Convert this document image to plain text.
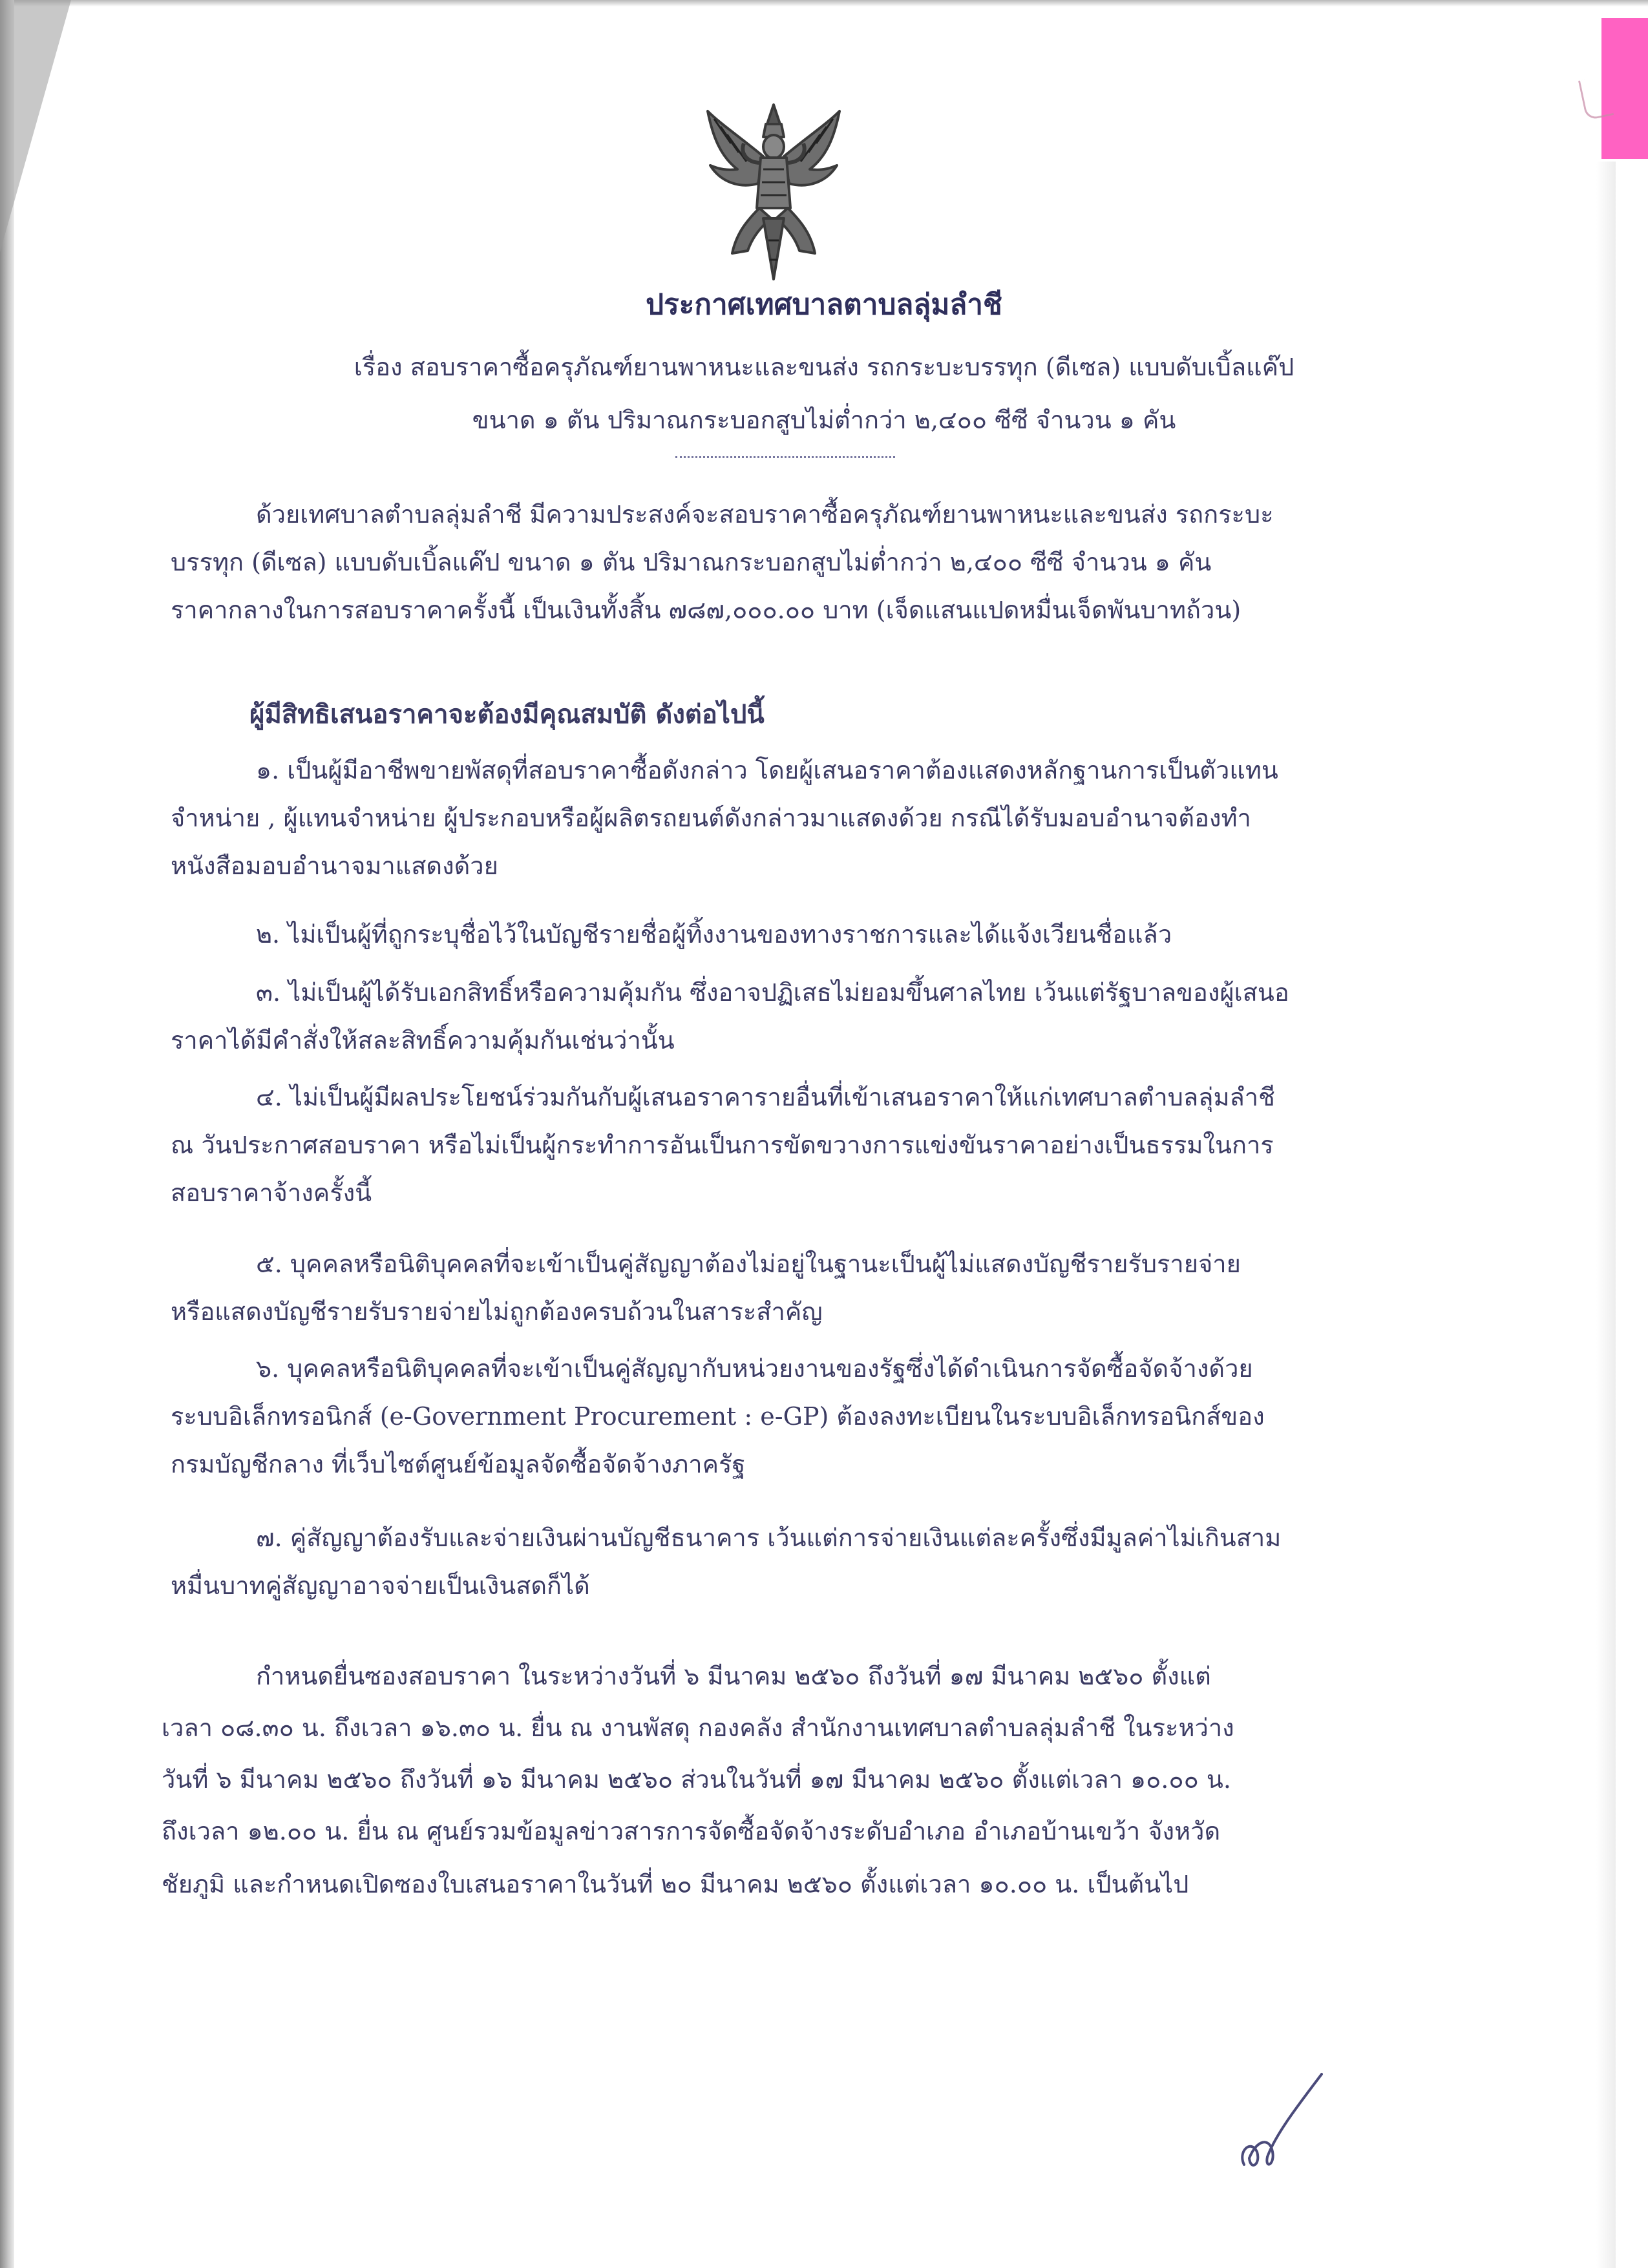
ประกาศเทศบาลตาบลลุ่มลำชี
เรื่อง สอบราคาซื้อครุภัณฑ์ยานพาหนะและขนส่ง รถกระบะบรรทุก (ดีเซล) แบบดับเบิ้ลแค๊ป
ขนาด ๑ ตัน ปริมาณกระบอกสูบไม่ต่ำกว่า ๒,๔๐๐ ซีซี จำนวน ๑ คัน
ด้วยเทศบาลตำบลลุ่มลำชี มีความประสงค์จะสอบราคาซื้อครุภัณฑ์ยานพาหนะและขนส่ง รถกระบะ
บรรทุก (ดีเซล) แบบดับเบิ้ลแค๊ป ขนาด ๑ ตัน ปริมาณกระบอกสูบไม่ต่ำกว่า ๒,๔๐๐ ซีซี จำนวน ๑ คัน
ราคากลางในการสอบราคาครั้งนี้ เป็นเงินทั้งสิ้น ๗๘๗,๐๐๐.๐๐ บาท (เจ็ดแสนแปดหมื่นเจ็ดพันบาทถ้วน)
ผู้มีสิทธิเสนอราคาจะต้องมีคุณสมบัติ ดังต่อไปนี้
๑. เป็นผู้มีอาชีพขายพัสดุที่สอบราคาซื้อดังกล่าว โดยผู้เสนอราคาต้องแสดงหลักฐานการเป็นตัวแทน
จำหน่าย , ผู้แทนจำหน่าย ผู้ประกอบหรือผู้ผลิตรถยนต์ดังกล่าวมาแสดงด้วย กรณีได้รับมอบอำนาจต้องทำ
หนังสือมอบอำนาจมาแสดงด้วย
๒. ไม่เป็นผู้ที่ถูกระบุชื่อไว้ในบัญชีรายชื่อผู้ทิ้งงานของทางราชการและได้แจ้งเวียนชื่อแล้ว
๓. ไม่เป็นผู้ได้รับเอกสิทธิ์หรือความคุ้มกัน ซึ่งอาจปฏิเสธไม่ยอมขึ้นศาลไทย เว้นแต่รัฐบาลของผู้เสนอ
ราคาได้มีคำสั่งให้สละสิทธิ์ความคุ้มกันเช่นว่านั้น
๔. ไม่เป็นผู้มีผลประโยชน์ร่วมกันกับผู้เสนอราคารายอื่นที่เข้าเสนอราคาให้แก่เทศบาลตำบลลุ่มลำชี
ณ วันประกาศสอบราคา หรือไม่เป็นผู้กระทำการอันเป็นการขัดขวางการแข่งขันราคาอย่างเป็นธรรมในการ
สอบราคาจ้างครั้งนี้
๕. บุคคลหรือนิติบุคคลที่จะเข้าเป็นคู่สัญญาต้องไม่อยู่ในฐานะเป็นผู้ไม่แสดงบัญชีรายรับรายจ่าย
หรือแสดงบัญชีรายรับรายจ่ายไม่ถูกต้องครบถ้วนในสาระสำคัญ
๖. บุคคลหรือนิติบุคคลที่จะเข้าเป็นคู่สัญญากับหน่วยงานของรัฐซึ่งได้ดำเนินการจัดซื้อจัดจ้างด้วย
ระบบอิเล็กทรอนิกส์ (e-Government Procurement : e-GP) ต้องลงทะเบียนในระบบอิเล็กทรอนิกส์ของ
กรมบัญชีกลาง ที่เว็บไซต์ศูนย์ข้อมูลจัดซื้อจัดจ้างภาครัฐ
๗. คู่สัญญาต้องรับและจ่ายเงินผ่านบัญชีธนาคาร เว้นแต่การจ่ายเงินแต่ละครั้งซึ่งมีมูลค่าไม่เกินสาม
หมื่นบาทคู่สัญญาอาจจ่ายเป็นเงินสดก็ได้
กำหนดยื่นซองสอบราคา ในระหว่างวันที่ ๖ มีนาคม ๒๕๖๐ ถึงวันที่ ๑๗ มีนาคม ๒๕๖๐ ตั้งแต่
เวลา ๐๘.๓๐ น. ถึงเวลา ๑๖.๓๐ น. ยื่น ณ งานพัสดุ กองคลัง สำนักงานเทศบาลตำบลลุ่มลำชี ในระหว่าง
วันที่ ๖ มีนาคม ๒๕๖๐ ถึงวันที่ ๑๖ มีนาคม ๒๕๖๐ ส่วนในวันที่ ๑๗ มีนาคม ๒๕๖๐ ตั้งแต่เวลา ๑๐.๐๐ น.
ถึงเวลา ๑๒.๐๐ น. ยื่น ณ ศูนย์รวมข้อมูลข่าวสารการจัดซื้อจัดจ้างระดับอำเภอ อำเภอบ้านเขว้า จังหวัด
ชัยภูมิ และกำหนดเปิดซองใบเสนอราคาในวันที่ ๒๐ มีนาคม ๒๕๖๐ ตั้งแต่เวลา ๑๐.๐๐ น. เป็นต้นไป
